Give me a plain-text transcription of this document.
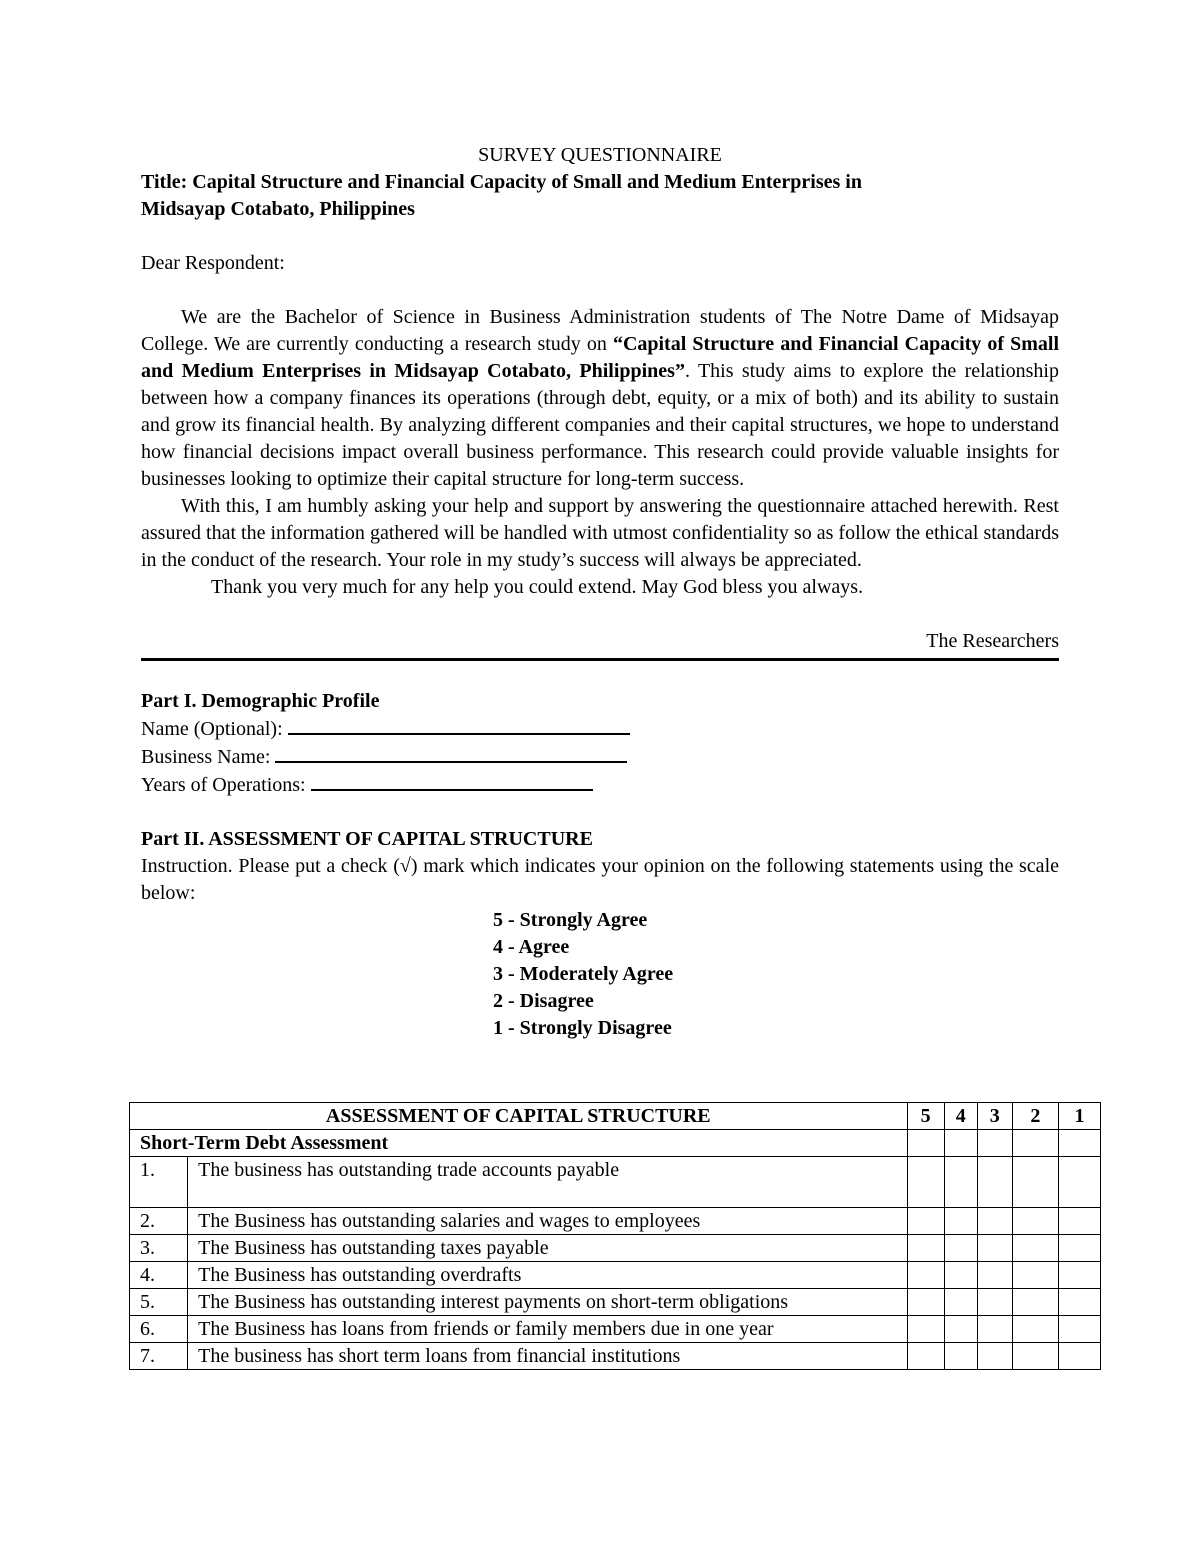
SURVEY QUESTIONNAIRE

Title: Capital Structure and Financial Capacity of Small and Medium Enterprises in

Midsayap Cotabato, Philippines

Dear Respondent:

We are the Bachelor of Science in Business Administration students of The Notre Dame of Midsayap College. We are currently conducting a research study on “Capital Structure and Financial Capacity of Small and Medium Enterprises in Midsayap Cotabato, Philippines”. This study aims to explore the relationship between how a company finances its operations (through debt, equity, or a mix of both) and its ability to sustain and grow its financial health. By analyzing different companies and their capital structures, we hope to understand how financial decisions impact overall business performance. This research could provide valuable insights for businesses looking to optimize their capital structure for long-term success.

With this, I am humbly asking your help and support by answering the questionnaire attached herewith. Rest assured that the information gathered will be handled with utmost confidentiality so as follow the ethical standards in the conduct of the research. Your role in my study’s success will always be appreciated.

Thank you very much for any help you could extend. May God bless you always.

The Researchers

Part I. Demographic Profile

Name (Optional):

Business Name:

Years of Operations:

Part II. ASSESSMENT OF CAPITAL STRUCTURE

Instruction. Please put a check (√) mark which indicates your opinion on the following statements using the scale below:

5 - Strongly Agree

4 - Agree

3 - Moderately Agree

2 - Disagree

1 - Strongly Disagree

ASSESSMENT OF CAPITAL STRUCTURE		5	4	3	2	1
Short-Term Debt Assessment						
1.	The business has outstanding trade accounts payable					
2.	The Business has outstanding salaries and wages to employees					
3.	The Business has outstanding taxes payable					
4.	The Business has outstanding overdrafts					
5.	The Business has outstanding interest payments on short-term obligations					
6.	The Business has loans from friends or family members due in one year					
7.	The business has short term loans from financial institutions					
